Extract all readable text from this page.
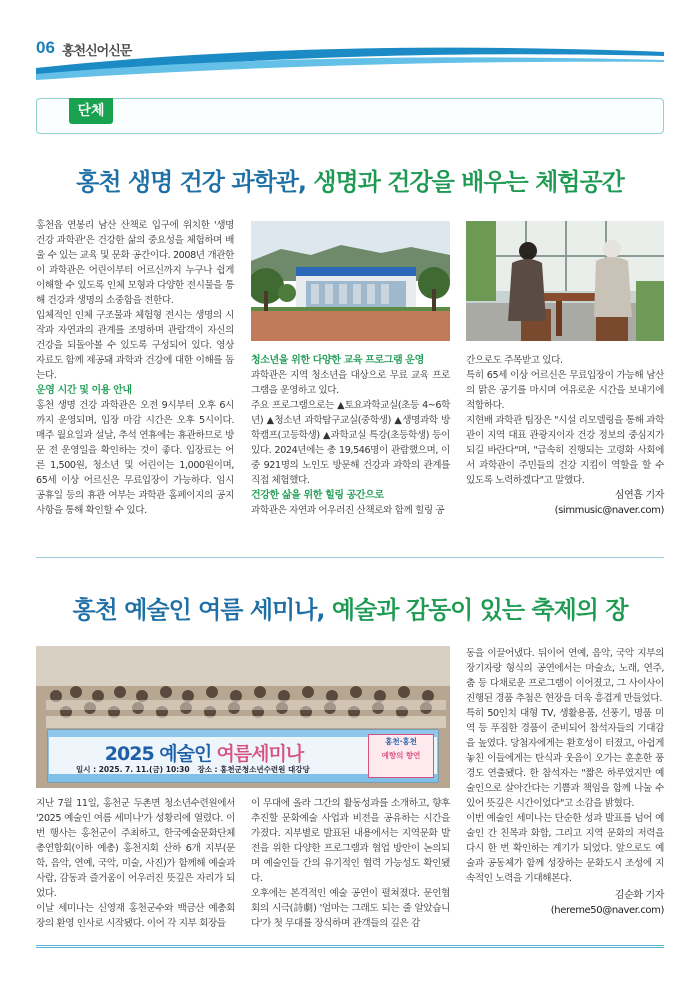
06 홍천신어신문
단체
홍천 생명 건강 과학관, 생명과 건강을 배우는 체험공간

홍천읍 연봉리 남산 산책로 입구에 위치한 '생명 건강 과학관'은 건강한 삶의 중요성을 체험하며 배울 수 있는 교육 및 문화 공간이다. 2008년 개관한 이 과학관은 어린이부터 어르신까지 누구나 쉽게 이해할 수 있도록 인체 모형과 다양한 전시물을 통해 건강과 생명의 소중함을 전한다.

입체적인 인체 구조물과 체험형 전시는 생명의 시작과 자연과의 관계를 조명하며 관람객이 자신의 건강을 되돌아볼 수 있도록 구성되어 있다. 영상 자료도 함께 제공돼 과학과 건강에 대한 이해를 돕는다.

운영 시간 및 이용 안내

홍천 생명 건강 과학관은 오전 9시부터 오후 6시까지 운영되며, 입장 마감 시간은 오후 5시이다. 매주 월요일과 설날, 추석 연휴에는 휴관하므로 방문 전 운영일을 확인하는 것이 좋다. 입장료는 어른 1,500원, 청소년 및 어린이는 1,000원이며, 65세 이상 어르신은 무료입장이 가능하다. 임시 공휴일 등의 휴관 여부는 과학관 홈페이지의 공지사항을 통해 확인할 수 있다.

청소년을 위한 다양한 교육 프로그램 운영

과학관은 지역 청소년을 대상으로 무료 교육 프로그램을 운영하고 있다.

주요 프로그램으로는 ▲토요과학교실(초등 4~6학년) ▲청소년 과학탐구교실(중학생) ▲생명과학 방학캠프(고등학생) ▲과학교실 특강(초등학생) 등이 있다. 2024년에는 총 19,546명이 관람했으며, 이 중 921명의 노인도 방문해 건강과 과학의 관계를 직접 체험했다.

건강한 삶을 위한 힐링 공간으로

과학관은 자연과 어우러진 산책로와 함께 힐링 공

간으로도 주목받고 있다.

특히 65세 이상 어르신은 무료입장이 가능해 남산의 맑은 공기를 마시며 여유로운 시간을 보내기에 적합하다.

지현배 과학관 팀장은 "시설 리모델링을 통해 과학관이 지역 대표 관광지이자 건강 정보의 중심지가 되길 바란다"며, "급속히 진행되는 고령화 사회에서 과학관이 주민들의 건강 지킴이 역할을 할 수 있도록 노력하겠다"고 말했다.

심연흠 기자

(simmusic@naver.com)

홍천 예술인 여름 세미나, 예술과 감동이 있는 축제의 장
2025 예술인 여름세미나
일시 : 2025. 7. 11.(금) 10:30 장소 : 홍천군청소년수련원 대강당
홍천·홍천
예향의 향연

지난 7월 11일, 홍천군 두촌면 청소년수련원에서 '2025 예술인 여름 세미나'가 성황리에 열렸다. 이번 행사는 홍천군이 주최하고, 한국예술문화단체총연합회(이하 예총) 홍천지회 산하 6개 지부(문학, 음악, 연예, 국악, 미술, 사진)가 함께해 예술과 사람, 감동과 즐거움이 어우러진 뜻깊은 자리가 되었다.

이날 세미나는 신영재 홍천군수와 백금산 예총회장의 환영 인사로 시작됐다. 이어 각 지부 회장들

이 무대에 올라 그간의 활동성과를 소개하고, 향후 추진할 문화예술 사업과 비전을 공유하는 시간을 가졌다. 지부별로 발표된 내용에서는 지역문화 발전을 위한 다양한 프로그램과 협업 방안이 논의되며 예술인들 간의 유기적인 협력 가능성도 확인됐다.

오후에는 본격적인 예술 공연이 펼쳐졌다. 문인협회의 시극(詩劇) '엄마는 그래도 되는 줄 알았습니다'가 첫 무대를 장식하며 관객들의 깊은 감

동을 이끌어냈다. 뒤이어 연예, 음악, 국악 지부의 장기자랑 형식의 공연에서는 마술쇼, 노래, 연주, 춤 등 다채로운 프로그램이 이어졌고, 그 사이사이 진행된 경품 추첨은 현장을 더욱 흥겹게 만들었다.

특히 50인치 대형 TV, 생활용품, 선풍기, 명품 미역 등 푸짐한 경품이 준비되어 참석자들의 기대감을 높였다. 당첨자에게는 환호성이 터졌고, 아쉽게 놓친 이들에게는 탄식과 웃음이 오가는 훈훈한 풍경도 연출됐다. 한 참석자는 "짧은 하루였지만 예술인으로 살아간다는 기쁨과 책임을 함께 나눌 수 있어 뜻깊은 시간이었다"고 소감을 밝혔다.

이번 예술인 세미나는 단순한 성과 발표를 넘어 예술인 간 친목과 화합, 그리고 지역 문화의 저력을 다시 한 번 확인하는 계기가 되었다. 앞으로도 예술과 공동체가 함께 성장하는 문화도시 조성에 지속적인 노력을 기대해본다.

김순화 기자

(hereme50@naver.com)
